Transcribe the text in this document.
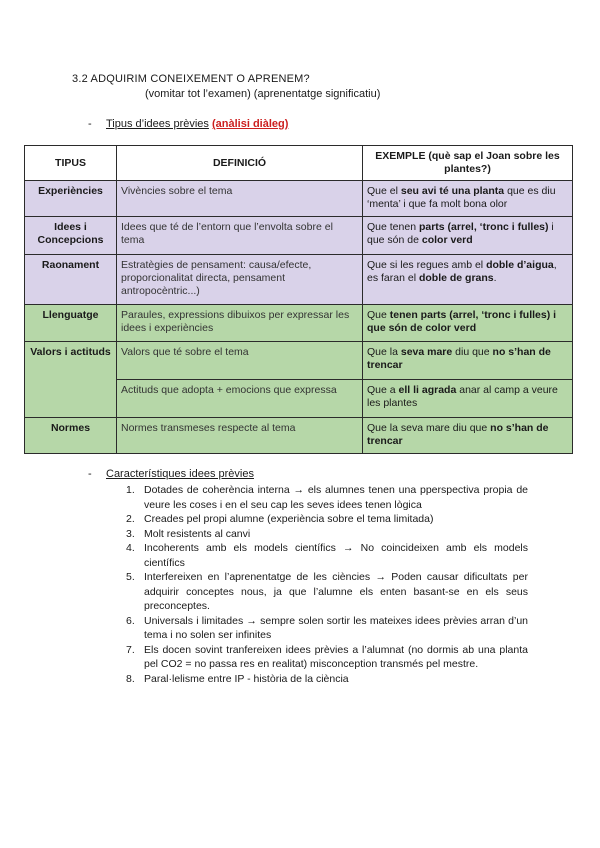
3.2 ADQUIRIM CONEIXEMENT O APRENEM?
(vomitar tot l’examen) (aprenentatge significatiu)
- Tipus d’idees prèvies (anàlisi diàleg)
TIPUS	DEFINICIÓ	EXEMPLE (què sap el Joan sobre les plantes?)
Experiències	Vivències sobre el tema	Que el seu avi té una planta que es diu ‘menta’ i que fa molt bona olor
Idees i Concepcions	Idees que té de l’entorn que l’envolta sobre el tema	Que tenen parts (arrel, ‘tronc i fulles) i que són de color verd
Raonament	Estratègies de pensament: causa/efecte, proporcionalitat directa, pensament antropocèntric...)	Que si les regues amb el doble d’aigua, es faran el doble de grans.
Llenguatge	Paraules, expressions dibuixos per expressar les idees i experiències	Que tenen parts (arrel, ‘tronc i fulles) i que són de color verd
Valors i actituds	Valors que té sobre el tema	Que la seva mare diu que no s’han de trencar
	Actituds que adopta + emocions que expressa	Que a ell li agrada anar al camp a veure les plantes
Normes	Normes transmeses respecte al tema	Que la seva mare diu que no s’han de trencar
- Característiques idees prèvies
1. Dotades de coherència interna → els alumnes tenen una pperspectiva propia de veure les coses i en el seu cap les seves idees tenen lògica
2. Creades pel propi alumne (experiència sobre el tema limitada)
3. Molt resistents al canvi
4. Incoherents amb els models científics → No coincideixen amb els models científics
5. Interfereixen en l’aprenentatge de les ciències → Poden causar dificultats per adquirir conceptes nous, ja que l’alumne els enten basant-se en els seus preconceptes.
6. Universals i limitades → sempre solen sortir les mateixes idees prèvies arran d’un tema i no solen ser infinites
7. Els docen sovint tranfereixen idees prèvies a l’alumnat (no dormis ab una planta pel CO2 = no passa res en realitat) misconception transmés pel mestre.
8. Paral·lelisme entre IP - història de la ciència
